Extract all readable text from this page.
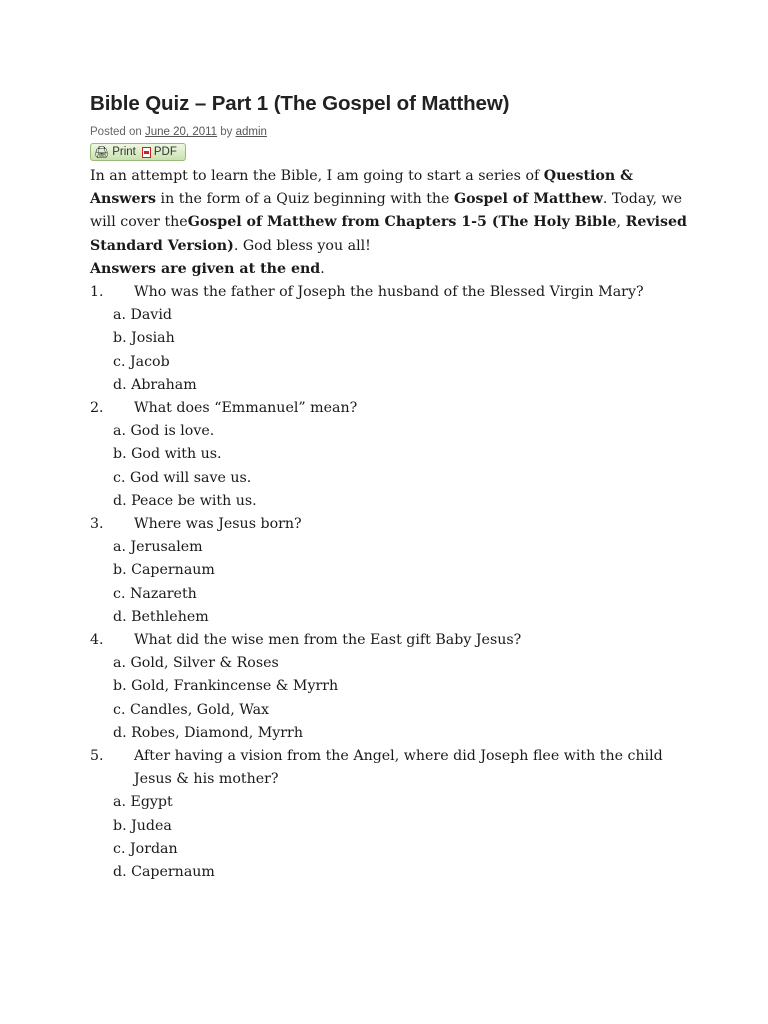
Bible Quiz – Part 1 (The Gospel of Matthew)
Posted on June 20, 2011 by admin
🖨 Print PDF

In an attempt to learn the Bible, I am going to start a series of Question & Answers in the form of a Quiz beginning with the Gospel of Matthew. Today, we will cover theGospel of Matthew from Chapters 1-5 (The Holy Bible, Revised Standard Version). God bless you all!

Answers are given at the end.

1.	Who was the father of Joseph the husband of the Blessed Virgin Mary?

a. David

b. Josiah

c. Jacob

d. Abraham

2.	What does “Emmanuel” mean?

a. God is love.

b. God with us.

c. God will save us.

d. Peace be with us.

3.	Where was Jesus born?

a. Jerusalem

b. Capernaum

c. Nazareth

d. Bethlehem

4.	What did the wise men from the East gift Baby Jesus?

a. Gold, Silver & Roses

b. Gold, Frankincense & Myrrh

c. Candles, Gold, Wax

d. Robes, Diamond, Myrrh

5.	After having a vision from the Angel, where did Joseph flee with the child Jesus & his mother?

a. Egypt

b. Judea

c. Jordan

d. Capernaum
